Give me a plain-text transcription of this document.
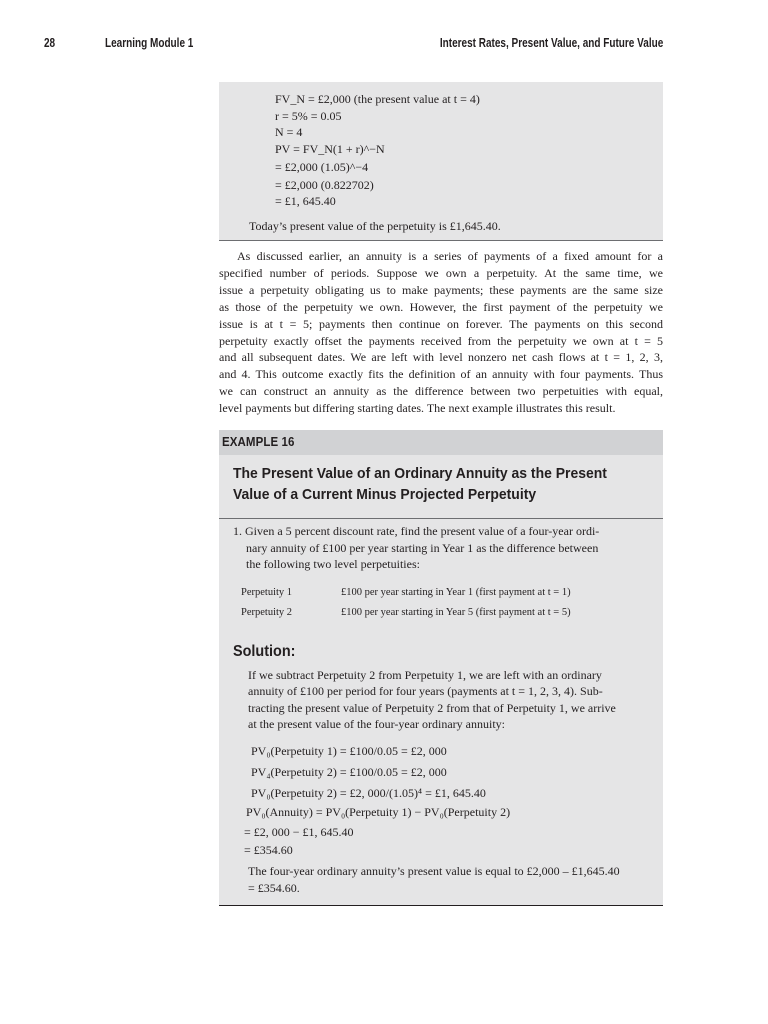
28	Learning Module 1	Interest Rates, Present Value, and Future Value
FV_N = £2,000 (the present value at t = 4)
r = 5% = 0.05
N = 4
PV = FV_N(1 + r)^−N
= £2,000 (1.05)^−4
= £2,000 (0.822702)
= £1, 645.40
Today’s present value of the perpetuity is £1,645.40.
As discussed earlier, an annuity is a series of payments of a fixed amount for a
specified number of periods. Suppose we own a perpetuity. At the same time, we
issue a perpetuity obligating us to make payments; these payments are the same size
as those of the perpetuity we own. However, the first payment of the perpetuity we
issue is at t = 5; payments then continue on forever. The payments on this second
perpetuity exactly offset the payments received from the perpetuity we own at t = 5
and all subsequent dates. We are left with level nonzero net cash flows at t = 1, 2, 3,
and 4. This outcome exactly fits the definition of an annuity with four payments. Thus
we can construct an annuity as the difference between two perpetuities with equal,
level payments but differing starting dates. The next example illustrates this result.
EXAMPLE 16
The Present Value of an Ordinary Annuity as the Present
Value of a Current Minus Projected Perpetuity
1. Given a 5 percent discount rate, find the present value of a four-year ordi-
nary annuity of £100 per year starting in Year 1 as the difference between
the following two level perpetuities:
Perpetuity 1	£100 per year starting in Year 1 (first payment at t = 1)
Perpetuity 2	£100 per year starting in Year 5 (first payment at t = 5)
Solution:
If we subtract Perpetuity 2 from Perpetuity 1, we are left with an ordinary
annuity of £100 per period for four years (payments at t = 1, 2, 3, 4). Sub-
tracting the present value of Perpetuity 2 from that of Perpetuity 1, we arrive
at the present value of the four-year ordinary annuity:
PV₀(Perpetuity 1) = £100/0.05 = £2, 000
PV₄(Perpetuity 2) = £100/0.05 = £2, 000
PV₀(Perpetuity 2) = £2, 000/(1.05)⁴ = £1, 645.40
PV₀(Annuity) = PV₀(Perpetuity 1) − PV₀(Perpetuity 2)
= £2, 000 − £1, 645.40
= £354.60
The four-year ordinary annuity’s present value is equal to £2,000 – £1,645.40
= £354.60.
